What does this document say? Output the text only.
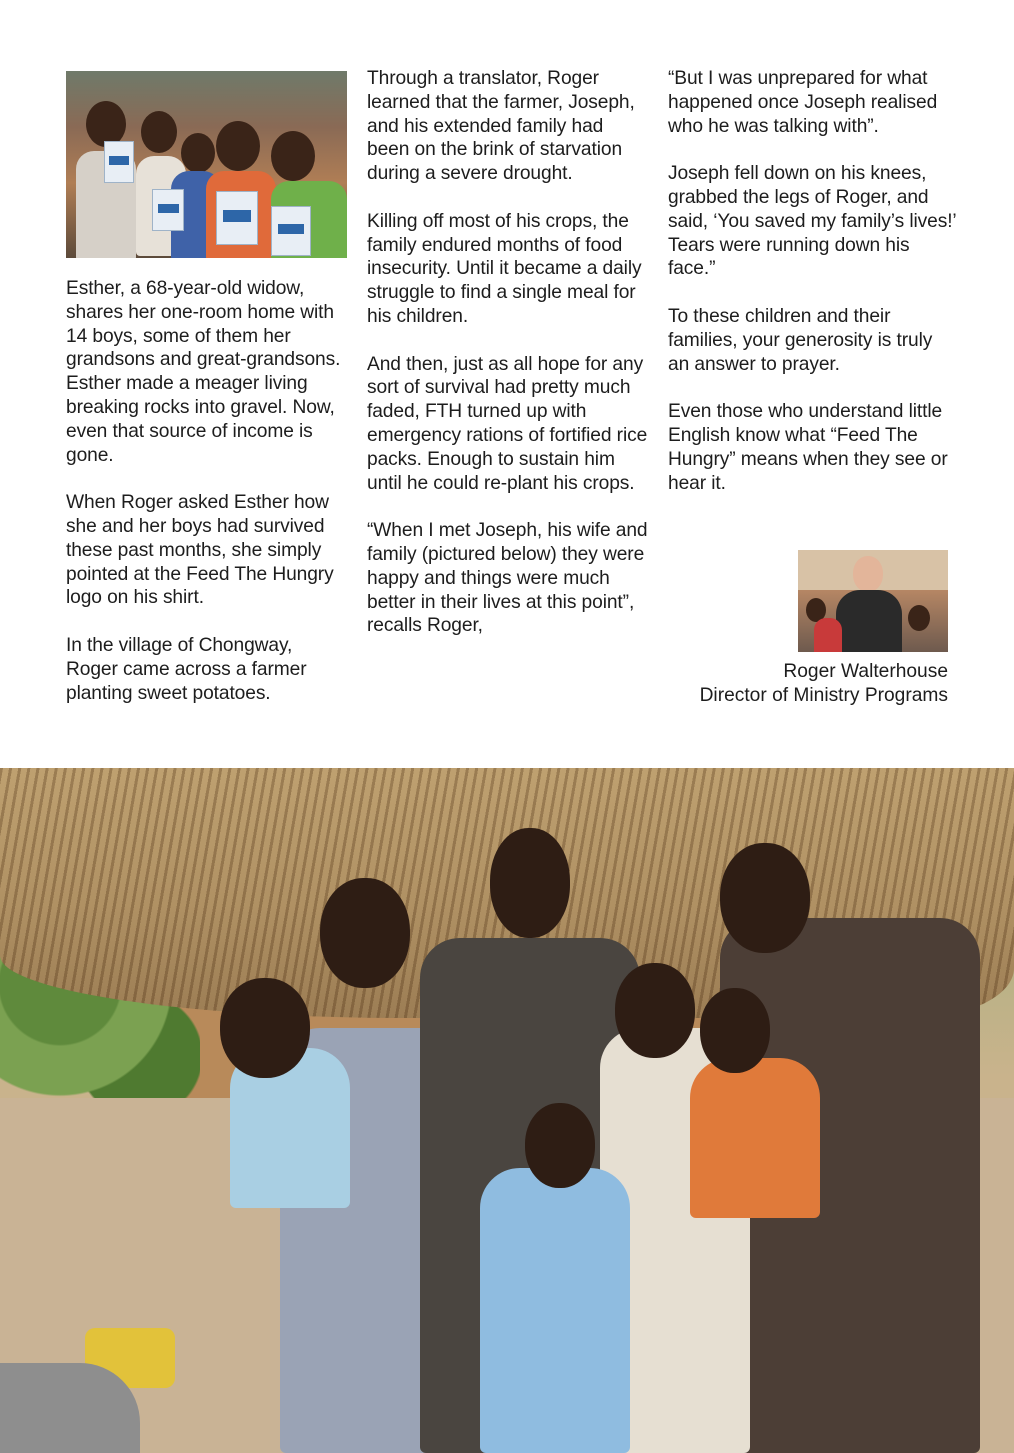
Esther, a 68-year-old widow, shares her one-room home with 14 boys, some of them her grandsons and great-grandsons. Esther made a meager living breaking rocks into gravel. Now, even that source of income is gone.

When Roger asked Esther how she and her boys had survived these past months, she simply pointed at the Feed The Hungry logo on his shirt.

In the village of Chongway, Roger came across a farmer planting sweet potatoes.

Through a translator, Roger learned that the farmer, Joseph, and his extended family had been on the brink of starvation during a severe drought.

Killing off most of his crops, the family endured months of food insecurity. Until it became a daily struggle to find a single meal for his children.

And then, just as all hope for any sort of survival had pretty much faded, FTH turned up with emergency rations of fortified rice packs. Enough to sustain him until he could re-plant his crops.

“When I met Joseph, his wife and family (pictured below) they were happy and things were much better in their lives at this point”, recalls Roger,

“But I was unprepared for what happened once Joseph realised who he was talking with”.

Joseph fell down on his knees, grabbed the legs of Roger, and said, ‘You saved my family’s lives!’ Tears were running down his face.”

To these children and their families, your generosity is truly an answer to prayer.

Even those who understand little English know what “Feed The Hungry” means when they see or hear it.

Roger Walterhouse
Director of Ministry Programs
